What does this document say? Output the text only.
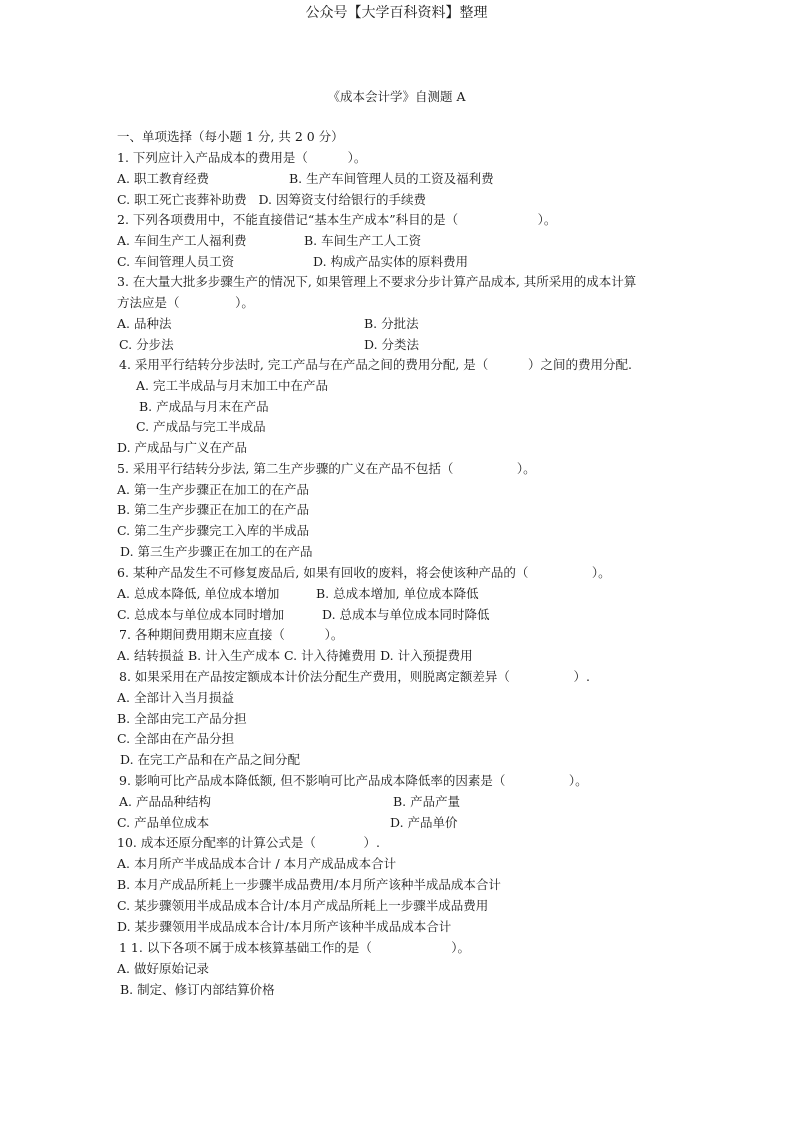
公众号【大学百科资料】整理
《成本会计学》自测题 A
一、单项选择（每小题 1 分, 共 2 0 分）
1. 下列应计入产品成本的费用是（          ）。
A. 职工教育经费	B. 生产车间管理人员的工资及福利费
C. 职工死亡丧葬补助费   D. 因筹资支付给银行的手续费
2. 下列各项费用中，不能直接借记“基本生产成本”科目的是（                    ）。
A. 车间生产工人福利费	B. 车间生产工人工资
C. 车间管理人员工资	D. 构成产品实体的原料费用
3. 在大量大批多步骤生产的情况下, 如果管理上不要求分步计算产品成本, 其所采用的成本计算
方法应是（              ）。
A. 品种法	B. 分批法
C. 分步法	D. 分类法
4. 采用平行结转分步法时, 完工产品与在产品之间的费用分配, 是（          ）之间的费用分配.
A. 完工半成品与月末加工中在产品
B. 产成品与月末在产品
C. 产成品与完工半成品
D. 产成品与广义在产品
5. 采用平行结转分步法, 第二生产步骤的广义在产品不包括（                ）。
A. 第一生产步骤正在加工的在产品
B. 第二生产步骤正在加工的在产品
C. 第二生产步骤完工入库的半成品
D. 第三生产步骤正在加工的在产品
6. 某种产品发生不可修复废品后, 如果有回收的废料，将会使该种产品的（                ）。
A. 总成本降低, 单位成本增加	B. 总成本增加, 单位成本降低
C. 总成本与单位成本同时增加	D. 总成本与单位成本同时降低
7. 各种期间费用期末应直接（          ）。
A. 结转损益 B. 计入生产成本 C. 计入待摊费用 D. 计入预提费用
8. 如果采用在产品按定额成本计价法分配生产费用，则脱离定额差异（                ）.
A. 全部计入当月损益
B. 全部由完工产品分担
C. 全部由在产品分担
D. 在完工产品和在产品之间分配
9. 影响可比产品成本降低额, 但不影响可比产品成本降低率的因素是（                ）。
A. 产品品种结构	B. 产品产量
C. 产品单位成本	D. 产品单价
10. 成本还原分配率的计算公式是（            ）.
A. 本月所产半成品成本合计 / 本月产成品成本合计
B. 本月产成品所耗上一步骤半成品费用/本月所产该种半成品成本合计
C. 某步骤领用半成品成本合计/本月产成品所耗上一步骤半成品费用
D. 某步骤领用半成品成本合计/本月所产该种半成品成本合计
1 1. 以下各项不属于成本核算基础工作的是（                    ）。
A. 做好原始记录
B. 制定、修订内部结算价格
